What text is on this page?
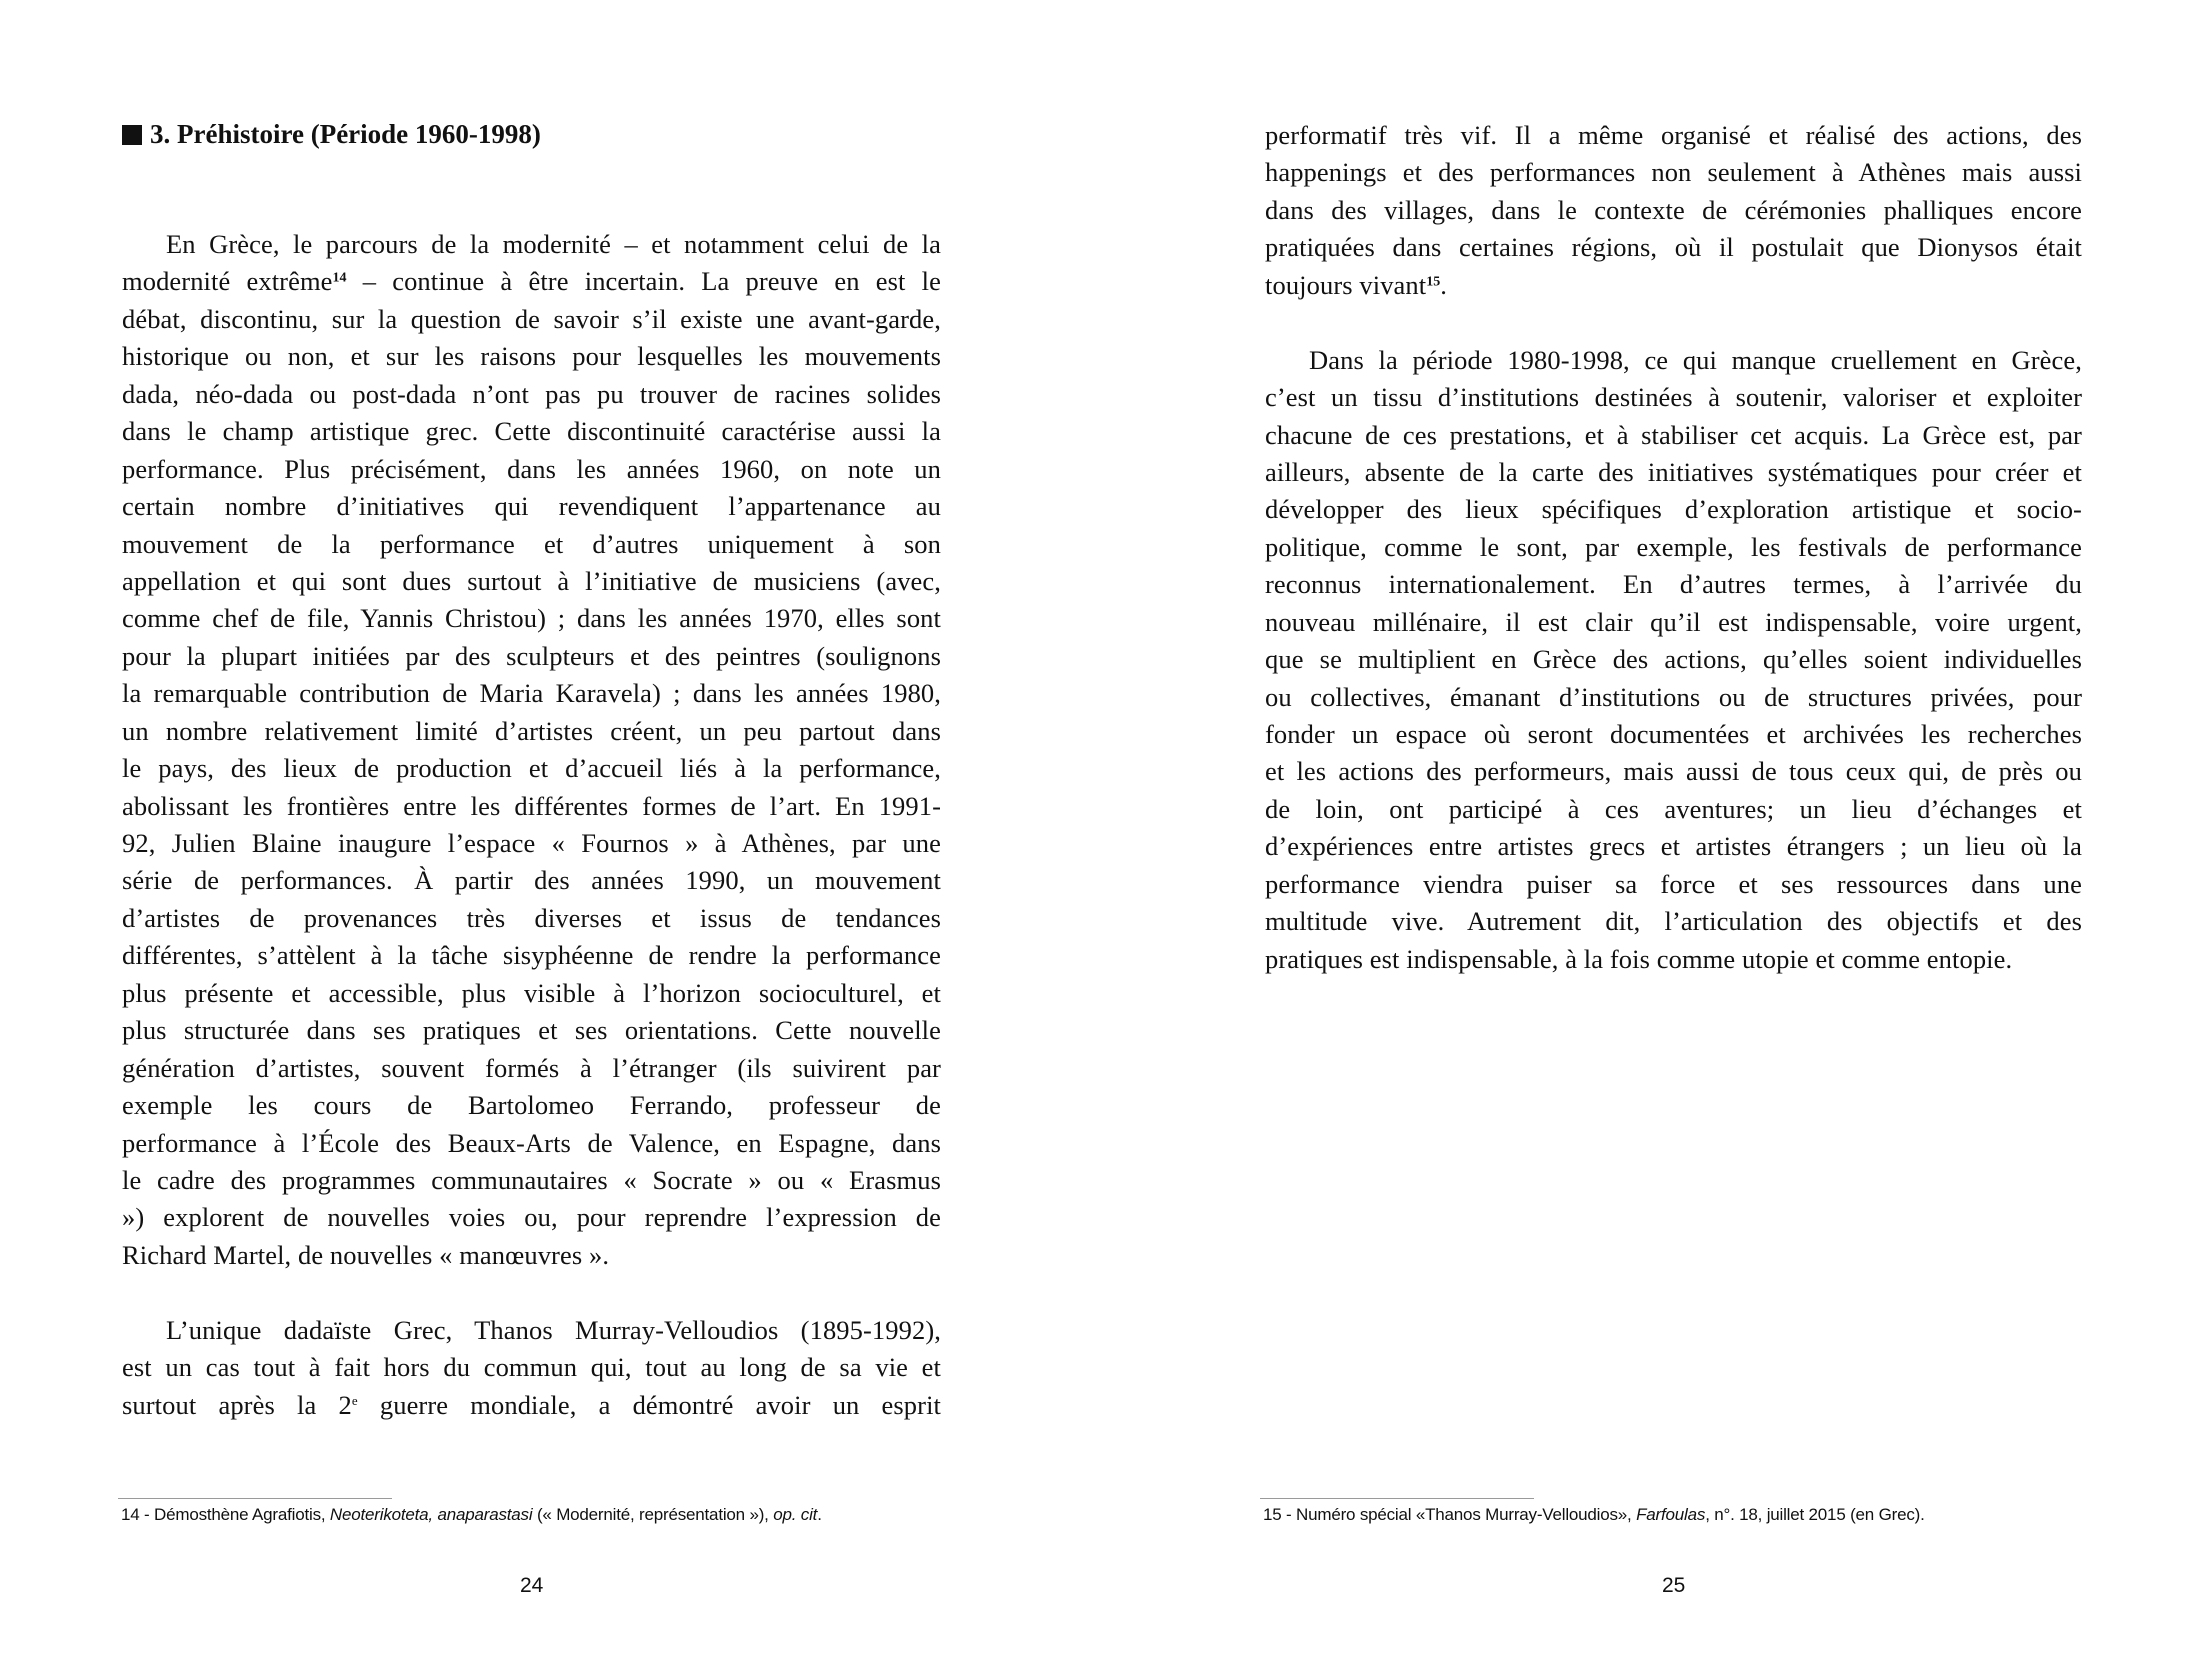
3. Préhistoire (Période 1960-1998)
En Grèce, le parcours de la modernité – et notamment celui de la
modernité extrême$^{14}$ – continue à être incertain. La preuve en est le
débat, discontinu, sur la question de savoir s’il existe une avant-garde,
historique ou non, et sur les raisons pour lesquelles les mouvements
dada, néo-dada ou post-dada n’ont pas pu trouver de racines solides
dans le champ artistique grec. Cette discontinuité caractérise aussi la
performance. Plus précisément, dans les années 1960, on note un
certain nombre d’initiatives qui revendiquent l’appartenance au
mouvement de la performance et d’autres uniquement à son
appellation et qui sont dues surtout à l’initiative de musiciens (avec,
comme chef de file, Yannis Christou) ; dans les années 1970, elles sont
pour la plupart initiées par des sculpteurs et des peintres (soulignons
la remarquable contribution de Maria Karavela) ; dans les années 1980,
un nombre relativement limité d’artistes créent, un peu partout dans
le pays, des lieux de production et d’accueil liés à la performance,
abolissant les frontières entre les différentes formes de l’art. En 1991-
92, Julien Blaine inaugure l’espace « Fournos » à Athènes, par une
série de performances. À partir des années 1990, un mouvement
d’artistes de provenances très diverses et issus de tendances
différentes, s’attèlent à la tâche sisyphéenne de rendre la performance
plus présente et accessible, plus visible à l’horizon socioculturel, et
plus structurée dans ses pratiques et ses orientations. Cette nouvelle
génération d’artistes, souvent formés à l’étranger (ils suivirent par
exemple les cours de Bartolomeo Ferrando, professeur de
performance à l’École des Beaux-Arts de Valence, en Espagne, dans
le cadre des programmes communautaires « Socrate » ou « Erasmus
») explorent de nouvelles voies ou, pour reprendre l’expression de
Richard Martel, de nouvelles « manœuvres ».
L’unique dadaïste Grec, Thanos Murray-Velloudios (1895-1992),
est un cas tout à fait hors du commun qui, tout au long de sa vie et
surtout après la 2e guerre mondiale, a démontré avoir un esprit
14 - Démosthène Agrafiotis, Neoterikoteta, anaparastasi (« Modernité, représentation »), op. cit.
24
performatif très vif. Il a même organisé et réalisé des actions, des
happenings et des performances non seulement à Athènes mais aussi
dans des villages, dans le contexte de cérémonies phalliques encore
pratiquées dans certaines régions, où il postulait que Dionysos était
toujours vivant$^{15}$.
Dans la période 1980-1998, ce qui manque cruellement en Grèce,
c’est un tissu d’institutions destinées à soutenir, valoriser et exploiter
chacune de ces prestations, et à stabiliser cet acquis. La Grèce est, par
ailleurs, absente de la carte des initiatives systématiques pour créer et
développer des lieux spécifiques d’exploration artistique et socio-
politique, comme le sont, par exemple, les festivals de performance
reconnus internationalement. En d’autres termes, à l’arrivée du
nouveau millénaire, il est clair qu’il est indispensable, voire urgent,
que se multiplient en Grèce des actions, qu’elles soient individuelles
ou collectives, émanant d’institutions ou de structures privées, pour
fonder un espace où seront documentées et archivées les recherches
et les actions des performeurs, mais aussi de tous ceux qui, de près ou
de loin, ont participé à ces aventures; un lieu d’échanges et
d’expériences entre artistes grecs et artistes étrangers ; un lieu où la
performance viendra puiser sa force et ses ressources dans une
multitude vive. Autrement dit, l’articulation des objectifs et des
pratiques est indispensable, à la fois comme utopie et comme entopie.
15 - Numéro spécial «Thanos Murray-Velloudios», Farfoulas, n°. 18, juillet 2015 (en Grec).
25
